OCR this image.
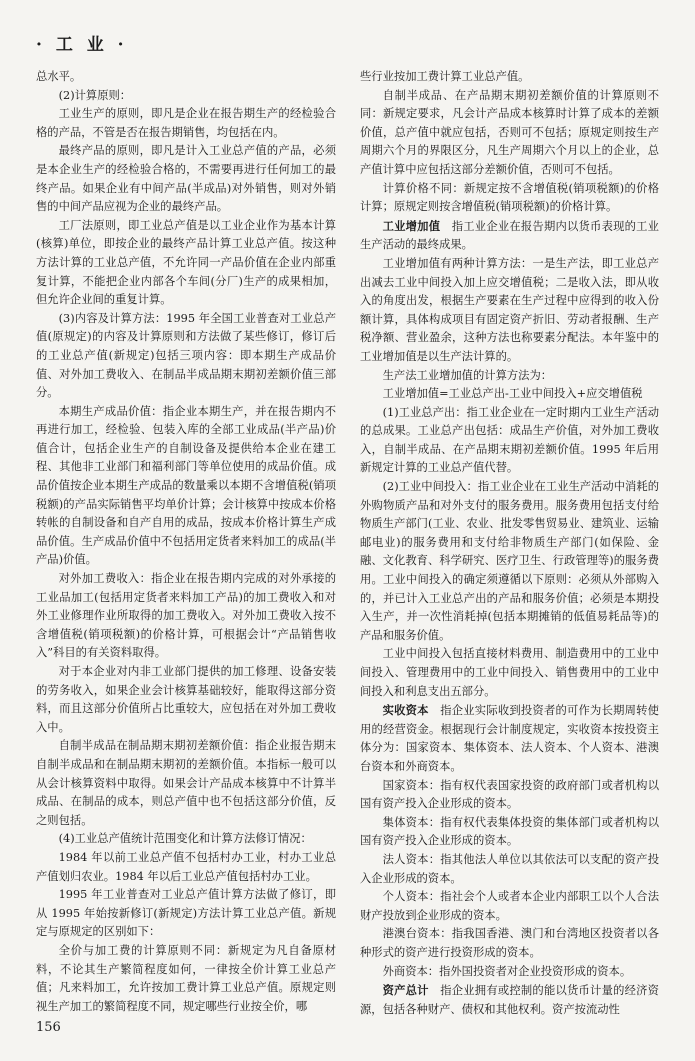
· 工 业 ·

总水平。

(2)计算原则：

工业生产的原则，即凡是企业在报告期生产的经检验合格的产品，不管是否在报告期销售，均包括在内。

最终产品的原则，即凡是计入工业总产值的产品，必须是本企业生产的经检验合格的，不需要再进行任何加工的最终产品。如果企业有中间产品(半成品)对外销售，则对外销售的中间产品应视为企业的最终产品。

工厂法原则，即工业总产值是以工业企业作为基本计算(核算)单位，即按企业的最终产品计算工业总产值。按这种方法计算的工业总产值，不允许同一产品价值在企业内部重复计算，不能把企业内部各个车间(分厂)生产的成果相加，但允许企业间的重复计算。

(3)内容及计算方法：1995 年全国工业普查对工业总产值(原规定)的内容及计算原则和方法做了某些修订，修订后的工业总产值(新规定)包括三项内容：即本期生产成品价值、对外加工费收入、在制品半成品期末期初差额价值三部分。

本期生产成品价值：指企业本期生产，并在报告期内不再进行加工，经检验、包装入库的全部工业成品(半产品)价值合计，包括企业生产的自制设备及提供给本企业在建工程、其他非工业部门和福利部门等单位使用的成品价值。成品价值按企业本期生产成品的数量乘以本期不含增值税(销项税额)的产品实际销售平均单价计算；会计核算中按成本价格转帐的自制设备和自产自用的成品，按成本价格计算生产成品价值。生产成品价值中不包括用定货者来料加工的成品(半产品)价值。

对外加工费收入：指企业在报告期内完成的对外承接的工业品加工(包括用定货者来料加工产品)的加工费收入和对外工业修理作业所取得的加工费收入。对外加工费收入按不含增值税(销项税额)的价格计算，可根据会计“产品销售收入”科目的有关资料取得。

对于本企业对内非工业部门提供的加工修理、设备安装的劳务收入，如果企业会计核算基础较好，能取得这部分资料，而且这部分价值所占比重较大，应包括在对外加工费收入中。

自制半成品在制品期末期初差额价值：指企业报告期末自制半成品和在制品期末期初的差额价值。本指标一般可以从会计核算资料中取得。如果会计产品成本核算中不计算半成品、在制品的成本，则总产值中也不包括这部分价值，反之则包括。

(4)工业总产值统计范围变化和计算方法修订情况：

1984 年以前工业总产值不包括村办工业，村办工业总产值划归农业。1984 年以后工业总产值包括村办工业。

1995 年工业普查对工业总产值计算方法做了修订，即从 1995 年始按新修订(新规定)方法计算工业总产值。新规定与原规定的区别如下：

全价与加工费的计算原则不同：新规定为凡自备原材料，不论其生产繁简程度如何，一律按全价计算工业总产值；凡来料加工，允许按加工费计算工业总产值。原规定则视生产加工的繁简程度不同，规定哪些行业按全价，哪

些行业按加工费计算工业总产值。

自制半成品、在产品期末期初差额价值的计算原则不同：新规定要求，凡会计产品成本核算时计算了成本的差额价值，总产值中就应包括，否则可不包括；原规定则按生产周期六个月的界限区分，凡生产周期六个月以上的企业，总产值计算中应包括这部分差额价值，否则可不包括。

计算价格不同：新规定按不含增值税(销项税额)的价格计算；原规定则按含增值税(销项税额)的价格计算。

工业增加值　 指工业企业在报告期内以货币表现的工业生产活动的最终成果。

工业增加值有两种计算方法：一是生产法，即工业总产出减去工业中间投入加上应交增值税；二是收入法，即从收入的角度出发，根据生产要素在生产过程中应得到的收入份额计算，具体构成项目有固定资产折旧、劳动者报酬、生产税净额、营业盈余，这种方法也称要素分配法。本年鉴中的工业增加值是以生产法计算的。

生产法工业增加值的计算方法为：

工业增加值=工业总产出-工业中间投入+应交增值税

(1)工业总产出：指工业企业在一定时期内工业生产活动的总成果。工业总产出包括：成品生产价值，对外加工费收入，自制半成品、在产品期末期初差额价值。1995 年后用新规定计算的工业总产值代替。

(2)工业中间投入：指工业企业在工业生产活动中消耗的外购物质产品和对外支付的服务费用。服务费用包括支付给物质生产部门(工业、农业、批发零售贸易业、建筑业、运输邮电业)的服务费用和支付给非物质生产部门(如保险、金融、文化教育、科学研究、医疗卫生、行政管理等)的服务费用。工业中间投入的确定须遵循以下原则：必须从外部购入的，并已计入工业总产出的产品和服务价值；必须是本期投入生产，并一次性消耗掉(包括本期摊销的低值易耗品等)的产品和服务价值。

工业中间投入包括直接材料费用、制造费用中的工业中间投入、管理费用中的工业中间投入、销售费用中的工业中间投入和利息支出五部分。

实收资本　 指企业实际收到投资者的可作为长期周转使用的经营资金。根据现行会计制度规定，实收资本按投资主体分为：国家资本、集体资本、法人资本、个人资本、港澳台资本和外商资本。

国家资本：指有权代表国家投资的政府部门或者机构以国有资产投入企业形成的资本。

集体资本：指有权代表集体投资的集体部门或者机构以国有资产投入企业形成的资本。

法人资本：指其他法人单位以其依法可以支配的资产投入企业形成的资本。

个人资本：指社会个人或者本企业内部职工以个人合法财产投放到企业形成的资本。

港澳台资本：指我国香港、澳门和台湾地区投资者以各种形式的资产进行投资形成的资本。

外商资本：指外国投资者对企业投资形成的资本。

资产总计　 指企业拥有或控制的能以货币计量的经济资源，包括各种财产、债权和其他权利。资产按流动性

156
